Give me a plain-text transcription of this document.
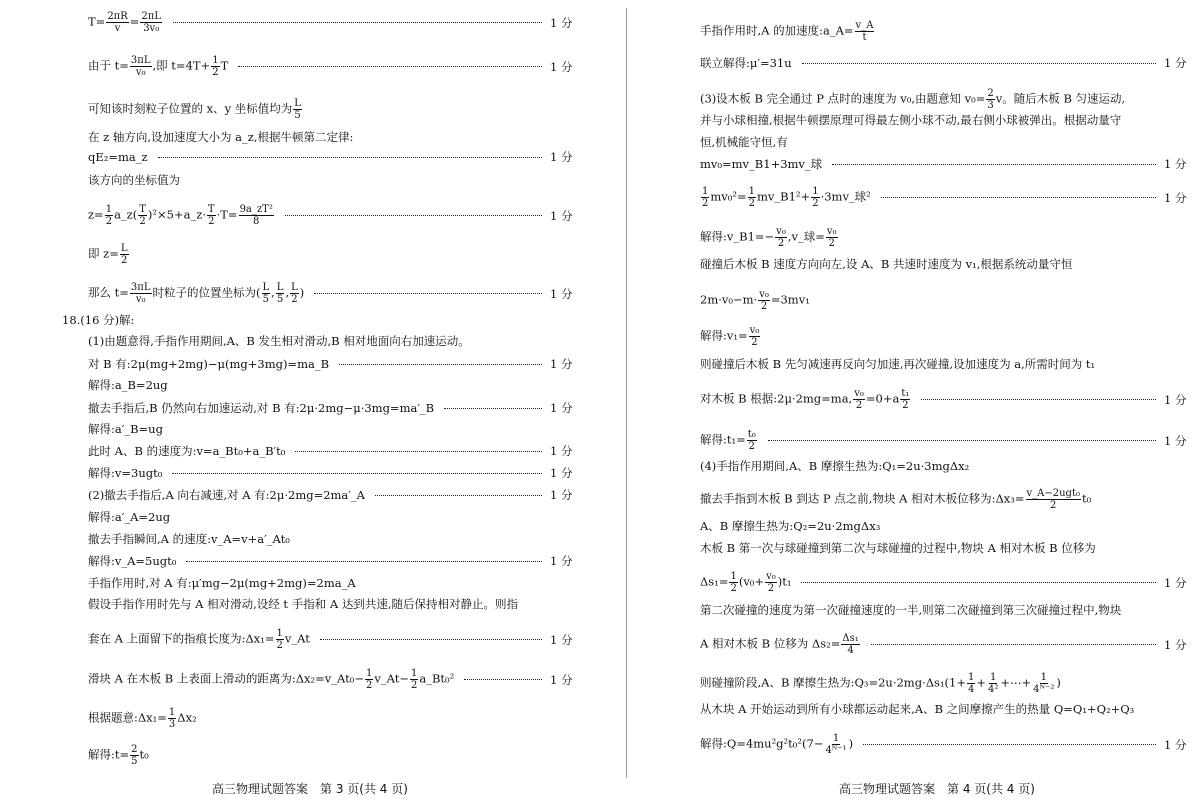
$T= \frac{2\pi R}{v} = \frac{2\pi L}{\text{3v₀}}$	1 分
由于 $t= \frac{3\pi L}{\text{v₀}}$ ,即 $t=4T+ \frac{1}{2}$ T	1 分
可知该时刻粒子位置的 x、y 坐标值均为 $\frac{L}{5}$
在 z 轴方向,设加速度大小为 a_z,根据牛顿第二定律:
qE₂=ma_z	1 分
该方向的坐标值为
$z= \frac{1}{2}$ a_z( $\frac{T}{2}$ )²×5+a_z· $\frac{T}{2} \cdot T= \frac{\text{9a\_zT²}}{8}$	1 分
即 $z= \frac{L}{2}$
那么 $t= \frac{3\pi L}{\text{v₀}}$ 时粒子的位置坐标为( $\frac{L}{5}$ , $\frac{L}{5}$ , $\frac{L}{2}$ )	1 分
18.(16 分)解:
(1)由题意得,手指作用期间,A、B 发生相对滑动,B 相对地面向右加速运动。
对 B 有:2μ(mg+2mg)−μ(mg+3mg)=ma_B	1 分
解得:a_B=2ug
撤去手指后,B 仍然向右加速运动,对 B 有:2μ·2mg−μ·3mg=ma′_B	1 分
解得:a′_B=ug
此时 A、B 的速度为:v=a_Bt₀+a_B′t₀	1 分
解得:v=3ugt₀	1 分
(2)撤去手指后,A 向右减速,对 A 有:2μ·2mg=2ma′_A	1 分
解得:a′_A=2ug
撤去手指瞬间,A 的速度:v_A=v+a′_At₀
解得:v_A=5ugt₀	1 分
手指作用时,对 A 有:μ′mg−2μ(mg+2mg)=2ma_A
假设手指作用时先与 A 相对滑动,设经 t 手指和 A 达到共速,随后保持相对静止。则指
套在 A 上面留下的指痕长度为:Δx₁= $\frac{1}{2}$ v_At	1 分
滑块 A 在木板 B 上表面上滑动的距离为:Δx₂=v_At₀− $\frac{1}{2}$ v_At− $\frac{1}{2}$ a_Bt₀²	1 分
根据题意:Δx₁= $\frac{1}{3} \Delta x_2$
解得:t= $\frac{2}{5} t_0$
手指作用时,A 的加速度:a_A= $\frac{v\_A}{t}$
联立解得:μ′=31u	1 分
(3)设木板 B 完全通过 P 点时的速度为 v₀,由题意知 $v_0= \frac{2}{3}$ v。随后木板 B 匀速运动,
并与小球相撞,根据牛顿摆原理可得最左侧小球不动,最右侧小球被弹出。根据动量守
恒,机械能守恒,有
mv₀=mv_B1+3mv_球	1 分
$\frac{1}{2} mv_0^2= \frac{1}{2}$ mv_B1²+ $\frac{1}{2}$ ·3mv_球²	1 分
解得:v_B1=− $\frac{\text{v₀}}{2}$ ,v_球= $\frac{\text{v₀}}{2}$
碰撞后木板 B 速度方向向左,设 A、B 共速时速度为 v₁,根据系统动量守恒
$2m\cdot v_0-m\cdot \frac{\text{v₀}}{2} =3mv_1$
解得:v₁= $\frac{\text{v₀}}{2}$
则碰撞后木板 B 先匀减速再反向匀加速,再次碰撞,设加速度为 a,所需时间为 t₁
对木板 B 根据:2μ·2mg=ma, $\frac{\text{v₀}}{2} =0+a \frac{\text{t₁}}{2}$	1 分
解得:t₁= $\frac{\text{t₀}}{2}$	1 分
(4)手指作用期间,A、B 摩擦生热为:Q₁=2u·3mgΔx₂
撤去手指到木板 B 到达 P 点之前,物块 A 相对木板位移为:Δx₃= $\frac{\text{v\_A−2ugt₀}}{2} t_0$
A、B 摩擦生热为:Q₂=2u·2mgΔx₃
木板 B 第一次与球碰撞到第二次与球碰撞的过程中,物块 A 相对木板 B 位移为
$\Delta s_1= \frac{1}{2} (v_0+ \frac{\text{v₀}}{2} )t_1$	1 分
第二次碰撞的速度为第一次碰撞速度的一半,则第二次碰撞到第三次碰撞过程中,物块
A 相对木板 B 位移为 $\Delta s_2= \frac{\text{Δs₁}}{4}$	1 分
则碰撞阶段,A、B 摩擦生热为:Q₃=2u·2mg·Δs₁(1+ $\frac{1}{4} + \frac{1}{\text{4²}}$ +⋯+ $\frac{1}{\text{4ᴺ⁻²}}$ )
从木块 A 开始运动到所有小球都运动起来,A、B 之间摩擦产生的热量 Q=Q₁+Q₂+Q₃
解得:Q=4mu²g²t₀²(7− $\frac{1}{\text{4ᴺ⁻¹}}$ )	1 分
高三物理试题答案　第 3 页(共 4 页)	高三物理试题答案　第 4 页(共 4 页)
